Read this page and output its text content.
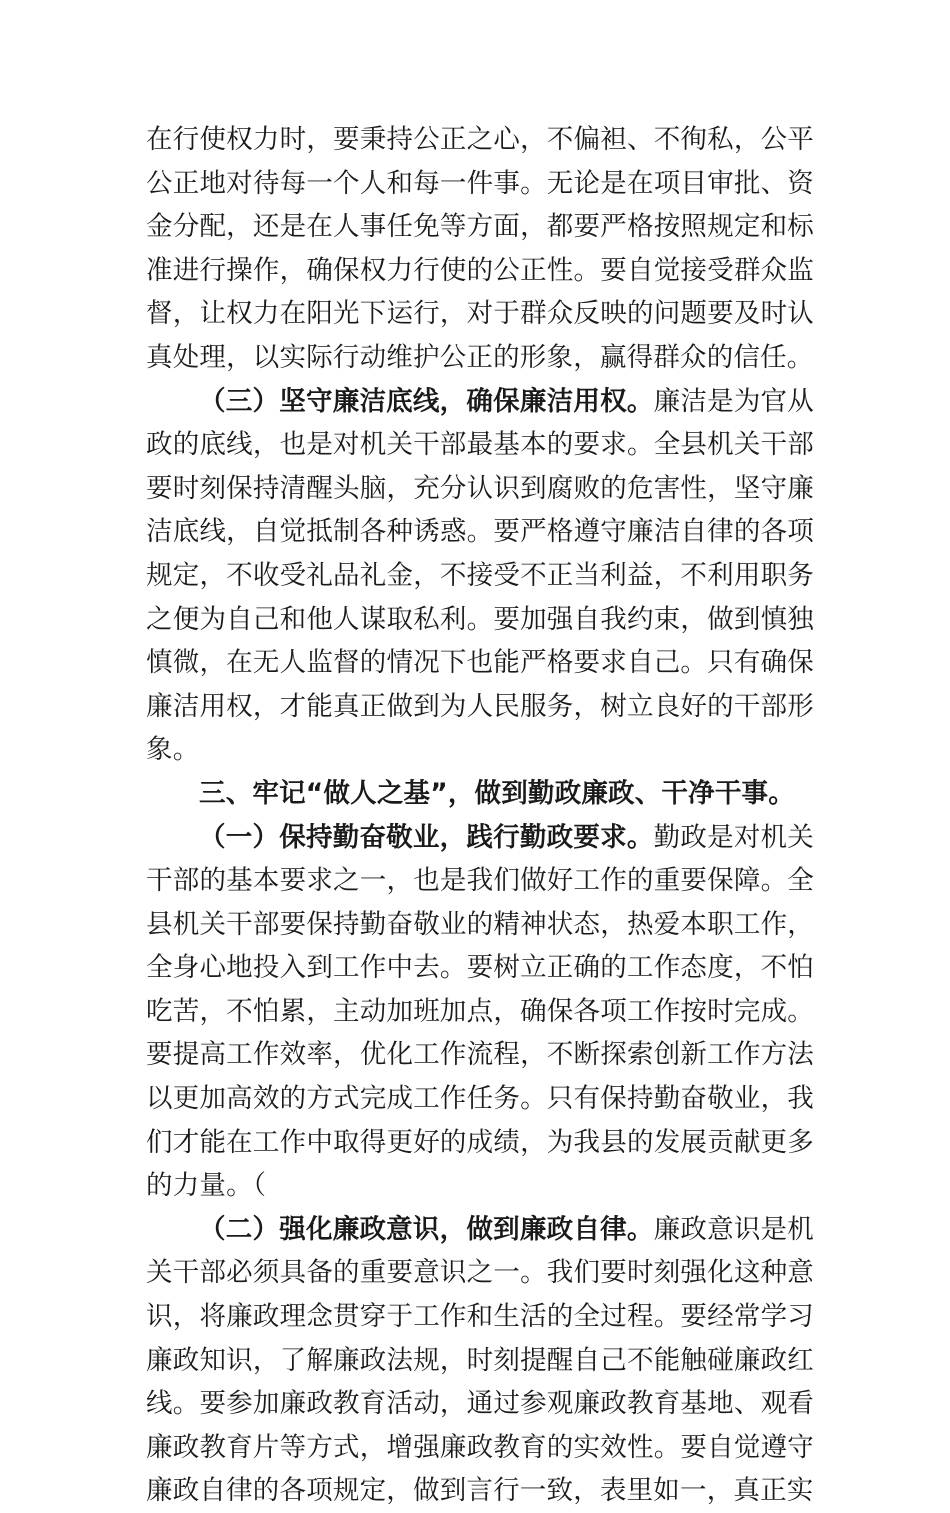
在行使权力时，要秉持公正之心，不偏袒、不徇私，公平公正地对待每一个人和每一件事。无论是在项目审批、资金分配，还是在人事任免等方面，都要严格按照规定和标准进行操作，确保权力行使的公正性。要自觉接受群众监督，让权力在阳光下运行，对于群众反映的问题要及时认真处理，以实际行动维护公正的形象，赢得群众的信任。

（三）坚守廉洁底线，确保廉洁用权。廉洁是为官从政的底线，也是对机关干部最基本的要求。全县机关干部要时刻保持清醒头脑，充分认识到腐败的危害性，坚守廉洁底线，自觉抵制各种诱惑。要严格遵守廉洁自律的各项规定，不收受礼品礼金，不接受不正当利益，不利用职务之便为自己和他人谋取私利。要加强自我约束，做到慎独慎微，在无人监督的情况下也能严格要求自己。只有确保廉洁用权，才能真正做到为人民服务，树立良好的干部形象。

三、牢记“做人之基”，做到勤政廉政、干净干事。

（一）保持勤奋敬业，践行勤政要求。勤政是对机关干部的基本要求之一，也是我们做好工作的重要保障。全县机关干部要保持勤奋敬业的精神状态，热爱本职工作，全身心地投入到工作中去。要树立正确的工作态度，不怕吃苦，不怕累，主动加班加点，确保各项工作按时完成。要提高工作效率，优化工作流程，不断探索创新工作方法以更加高效的方式完成工作任务。只有保持勤奋敬业，我们才能在工作中取得更好的成绩，为我县的发展贡献更多的力量。（

（二）强化廉政意识，做到廉政自律。廉政意识是机关干部必须具备的重要意识之一。我们要时刻强化这种意识，将廉政理念贯穿于工作和生活的全过程。要经常学习廉政知识，了解廉政法规，时刻提醒自己不能触碰廉政红线。要参加廉政教育活动，通过参观廉政教育基地、观看廉政教育片等方式，增强廉政教育的实效性。要自觉遵守廉政自律的各项规定，做到言行一致，表里如一，真正实
